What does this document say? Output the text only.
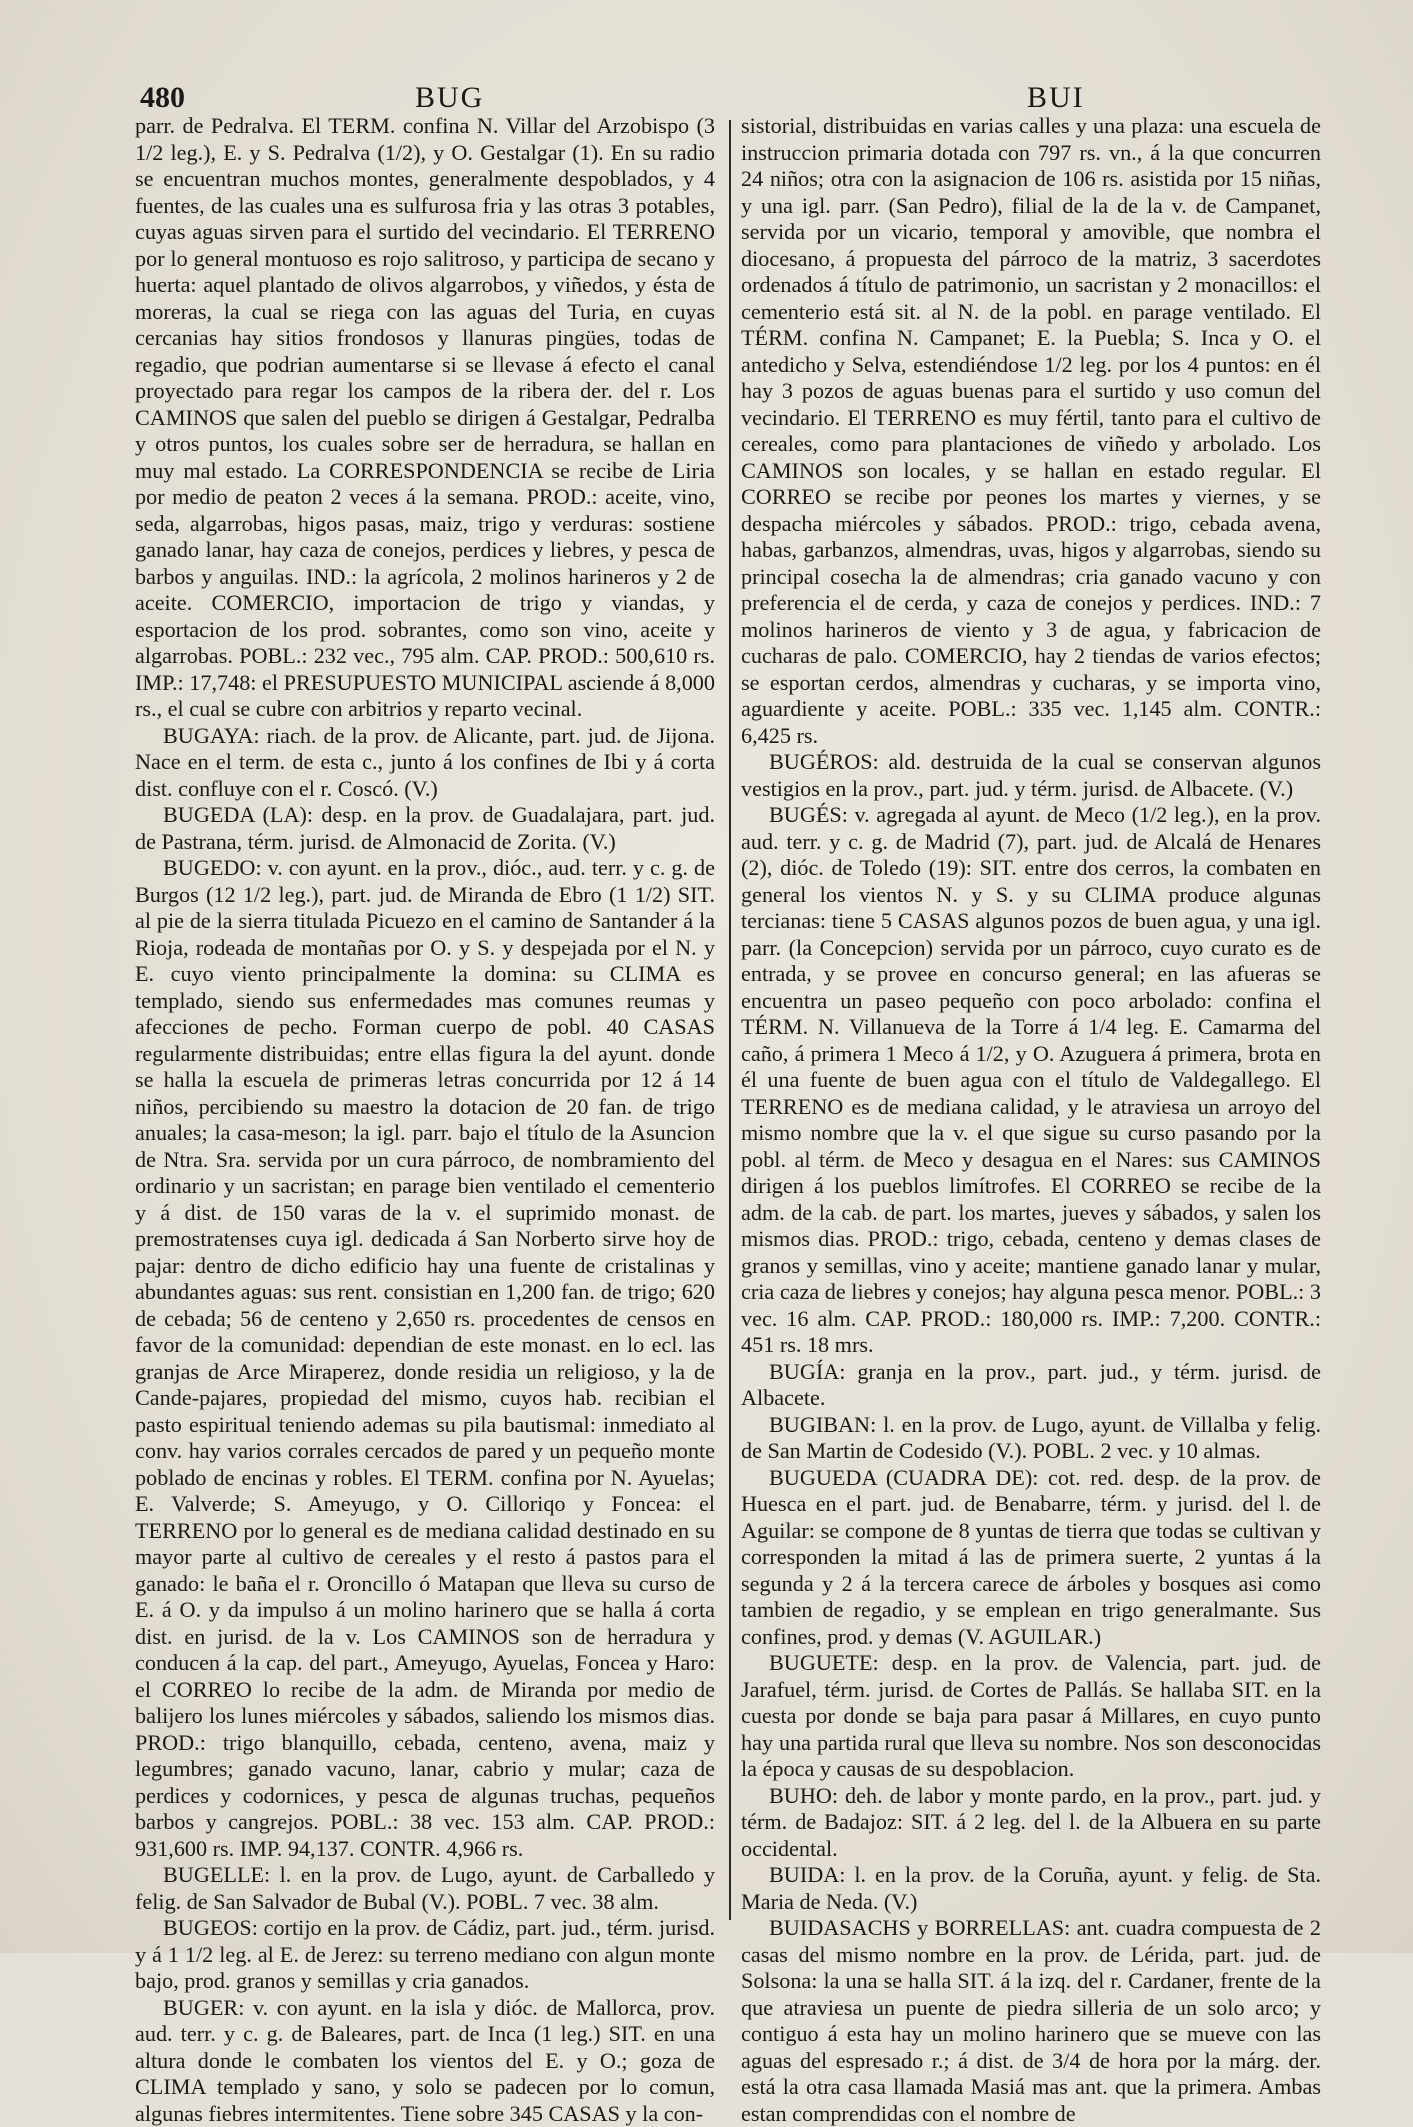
480	BUG	BUI

parr. de Pedralva. El TERM. confina N. Villar del Arzobispo (3 1/2 leg.), E. y S. Pedralva (1/2), y O. Gestalgar (1). En su radio se encuentran muchos montes, generalmente despoblados, y 4 fuentes, de las cuales una es sulfurosa fria y las otras 3 potables, cuyas aguas sirven para el surtido del vecindario. El TERRENO por lo general montuoso es rojo salitroso, y participa de secano y huerta: aquel plantado de olivos algarrobos, y viñedos, y ésta de moreras, la cual se riega con las aguas del Turia, en cuyas cercanias hay sitios frondosos y llanuras pingües, todas de regadio, que podrian aumentarse si se llevase á efecto el canal proyectado para regar los campos de la ribera der. del r. Los CAMINOS que salen del pueblo se dirigen á Gestalgar, Pedralba y otros puntos, los cuales sobre ser de herradura, se hallan en muy mal estado. La CORRESPONDENCIA se recibe de Liria por medio de peaton 2 veces á la semana. PROD.: aceite, vino, seda, algarrobas, higos pasas, maiz, trigo y verduras: sostiene ganado lanar, hay caza de conejos, perdices y liebres, y pesca de barbos y anguilas. IND.: la agrícola, 2 molinos harineros y 2 de aceite. COMERCIO, importacion de trigo y viandas, y esportacion de los prod. sobrantes, como son vino, aceite y algarrobas. POBL.: 232 vec., 795 alm. CAP. PROD.: 500,610 rs. IMP.: 17,748: el PRESUPUESTO MUNICIPAL asciende á 8,000 rs., el cual se cubre con arbitrios y reparto vecinal.

BUGAYA: riach. de la prov. de Alicante, part. jud. de Jijona. Nace en el term. de esta c., junto á los confines de Ibi y á corta dist. confluye con el r. Coscó. (V.)

BUGEDA (LA): desp. en la prov. de Guadalajara, part. jud. de Pastrana, térm. jurisd. de Almonacid de Zorita. (V.)

BUGEDO: v. con ayunt. en la prov., dióc., aud. terr. y c. g. de Burgos (12 1/2 leg.), part. jud. de Miranda de Ebro (1 1/2) SIT. al pie de la sierra titulada Picuezo en el camino de Santander á la Rioja, rodeada de montañas por O. y S. y despejada por el N. y E. cuyo viento principalmente la domina: su CLIMA es templado, siendo sus enfermedades mas comunes reumas y afecciones de pecho. Forman cuerpo de pobl. 40 CASAS regularmente distribuidas; entre ellas figura la del ayunt. donde se halla la escuela de primeras letras concurrida por 12 á 14 niños, percibiendo su maestro la dotacion de 20 fan. de trigo anuales; la casa-meson; la igl. parr. bajo el título de la Asuncion de Ntra. Sra. servida por un cura párroco, de nombramiento del ordinario y un sacristan; en parage bien ventilado el cementerio y á dist. de 150 varas de la v. el suprimido monast. de premostratenses cuya igl. dedicada á San Norberto sirve hoy de pajar: dentro de dicho edificio hay una fuente de cristalinas y abundantes aguas: sus rent. consistian en 1,200 fan. de trigo; 620 de cebada; 56 de centeno y 2,650 rs. procedentes de censos en favor de la comunidad: dependian de este monast. en lo ecl. las granjas de Arce Miraperez, donde residia un religioso, y la de Cande-pajares, propiedad del mismo, cuyos hab. recibian el pasto espiritual teniendo ademas su pila bautismal: inmediato al conv. hay varios corrales cercados de pared y un pequeño monte poblado de encinas y robles. El TERM. confina por N. Ayuelas; E. Valverde; S. Ameyugo, y O. Cilloriqo y Foncea: el TERRENO por lo general es de mediana calidad destinado en su mayor parte al cultivo de cereales y el resto á pastos para el ganado: le baña el r. Oroncillo ó Matapan que lleva su curso de E. á O. y da impulso á un molino harinero que se halla á corta dist. en jurisd. de la v. Los CAMINOS son de herradura y conducen á la cap. del part., Ameyugo, Ayuelas, Foncea y Haro: el CORREO lo recibe de la adm. de Miranda por medio de balijero los lunes miércoles y sábados, saliendo los mismos dias. PROD.: trigo blanquillo, cebada, centeno, avena, maiz y legumbres; ganado vacuno, lanar, cabrio y mular; caza de perdices y codornices, y pesca de algunas truchas, pequeños barbos y cangrejos. POBL.: 38 vec. 153 alm. CAP. PROD.: 931,600 rs. IMP. 94,137. CONTR. 4,966 rs.

BUGELLE: l. en la prov. de Lugo, ayunt. de Carballedo y felig. de San Salvador de Bubal (V.). POBL. 7 vec. 38 alm.

BUGEOS: cortijo en la prov. de Cádiz, part. jud., térm. jurisd. y á 1 1/2 leg. al E. de Jerez: su terreno mediano con algun monte bajo, prod. granos y semillas y cria ganados.

BUGER: v. con ayunt. en la isla y dióc. de Mallorca, prov. aud. terr. y c. g. de Baleares, part. de Inca (1 leg.) SIT. en una altura donde le combaten los vientos del E. y O.; goza de CLIMA templado y sano, y solo se padecen por lo comun, algunas fiebres intermitentes. Tiene sobre 345 CASAS y la con-

sistorial, distribuidas en varias calles y una plaza: una escuela de instruccion primaria dotada con 797 rs. vn., á la que concurren 24 niños; otra con la asignacion de 106 rs. asistida por 15 niñas, y una igl. parr. (San Pedro), filial de la de la v. de Campanet, servida por un vicario, temporal y amovible, que nombra el diocesano, á propuesta del párroco de la matriz, 3 sacerdotes ordenados á título de patrimonio, un sacristan y 2 monacillos: el cementerio está sit. al N. de la pobl. en parage ventilado. El TÉRM. confina N. Campanet; E. la Puebla; S. Inca y O. el antedicho y Selva, estendiéndose 1/2 leg. por los 4 puntos: en él hay 3 pozos de aguas buenas para el surtido y uso comun del vecindario. El TERRENO es muy fértil, tanto para el cultivo de cereales, como para plantaciones de viñedo y arbolado. Los CAMINOS son locales, y se hallan en estado regular. El CORREO se recibe por peones los martes y viernes, y se despacha miércoles y sábados. PROD.: trigo, cebada avena, habas, garbanzos, almendras, uvas, higos y algarrobas, siendo su principal cosecha la de almendras; cria ganado vacuno y con preferencia el de cerda, y caza de conejos y perdices. IND.: 7 molinos harineros de viento y 3 de agua, y fabricacion de cucharas de palo. COMERCIO, hay 2 tiendas de varios efectos; se esportan cerdos, almendras y cucharas, y se importa vino, aguardiente y aceite. POBL.: 335 vec. 1,145 alm. CONTR.: 6,425 rs.

BUGÉROS: ald. destruida de la cual se conservan algunos vestigios en la prov., part. jud. y térm. jurisd. de Albacete. (V.)

BUGÉS: v. agregada al ayunt. de Meco (1/2 leg.), en la prov. aud. terr. y c. g. de Madrid (7), part. jud. de Alcalá de Henares (2), dióc. de Toledo (19): SIT. entre dos cerros, la combaten en general los vientos N. y S. y su CLIMA produce algunas tercianas: tiene 5 CASAS algunos pozos de buen agua, y una igl. parr. (la Concepcion) servida por un párroco, cuyo curato es de entrada, y se provee en concurso general; en las afueras se encuentra un paseo pequeño con poco arbolado: confina el TÉRM. N. Villanueva de la Torre á 1/4 leg. E. Camarma del caño, á primera 1 Meco á 1/2, y O. Azuguera á primera, brota en él una fuente de buen agua con el título de Valdegallego. El TERRENO es de mediana calidad, y le atraviesa un arroyo del mismo nombre que la v. el que sigue su curso pasando por la pobl. al térm. de Meco y desagua en el Nares: sus CAMINOS dirigen á los pueblos limítrofes. El CORREO se recibe de la adm. de la cab. de part. los martes, jueves y sábados, y salen los mismos dias. PROD.: trigo, cebada, centeno y demas clases de granos y semillas, vino y aceite; mantiene ganado lanar y mular, cria caza de liebres y conejos; hay alguna pesca menor. POBL.: 3 vec. 16 alm. CAP. PROD.: 180,000 rs. IMP.: 7,200. CONTR.: 451 rs. 18 mrs.

BUGÍA: granja en la prov., part. jud., y térm. jurisd. de Albacete.

BUGIBAN: l. en la prov. de Lugo, ayunt. de Villalba y felig. de San Martin de Codesido (V.). POBL. 2 vec. y 10 almas.

BUGUEDA (CUADRA DE): cot. red. desp. de la prov. de Huesca en el part. jud. de Benabarre, térm. y jurisd. del l. de Aguilar: se compone de 8 yuntas de tierra que todas se cultivan y corresponden la mitad á las de primera suerte, 2 yuntas á la segunda y 2 á la tercera carece de árboles y bosques asi como tambien de regadio, y se emplean en trigo generalmante. Sus confines, prod. y demas (V. AGUILAR.)

BUGUETE: desp. en la prov. de Valencia, part. jud. de Jarafuel, térm. jurisd. de Cortes de Pallás. Se hallaba SIT. en la cuesta por donde se baja para pasar á Millares, en cuyo punto hay una partida rural que lleva su nombre. Nos son desconocidas la época y causas de su despoblacion.

BUHO: deh. de labor y monte pardo, en la prov., part. jud. y térm. de Badajoz: SIT. á 2 leg. del l. de la Albuera en su parte occidental.

BUIDA: l. en la prov. de la Coruña, ayunt. y felig. de Sta. Maria de Neda. (V.)

BUIDASACHS y BORRELLAS: ant. cuadra compuesta de 2 casas del mismo nombre en la prov. de Lérida, part. jud. de Solsona: la una se halla SIT. á la izq. del r. Cardaner, frente de la que atraviesa un puente de piedra silleria de un solo arco; y contiguo á esta hay un molino harinero que se mueve con las aguas del espresado r.; á dist. de 3/4 de hora por la márg. der. está la otra casa llamada Masiá mas ant. que la primera. Ambas estan comprendidas con el nombre de
